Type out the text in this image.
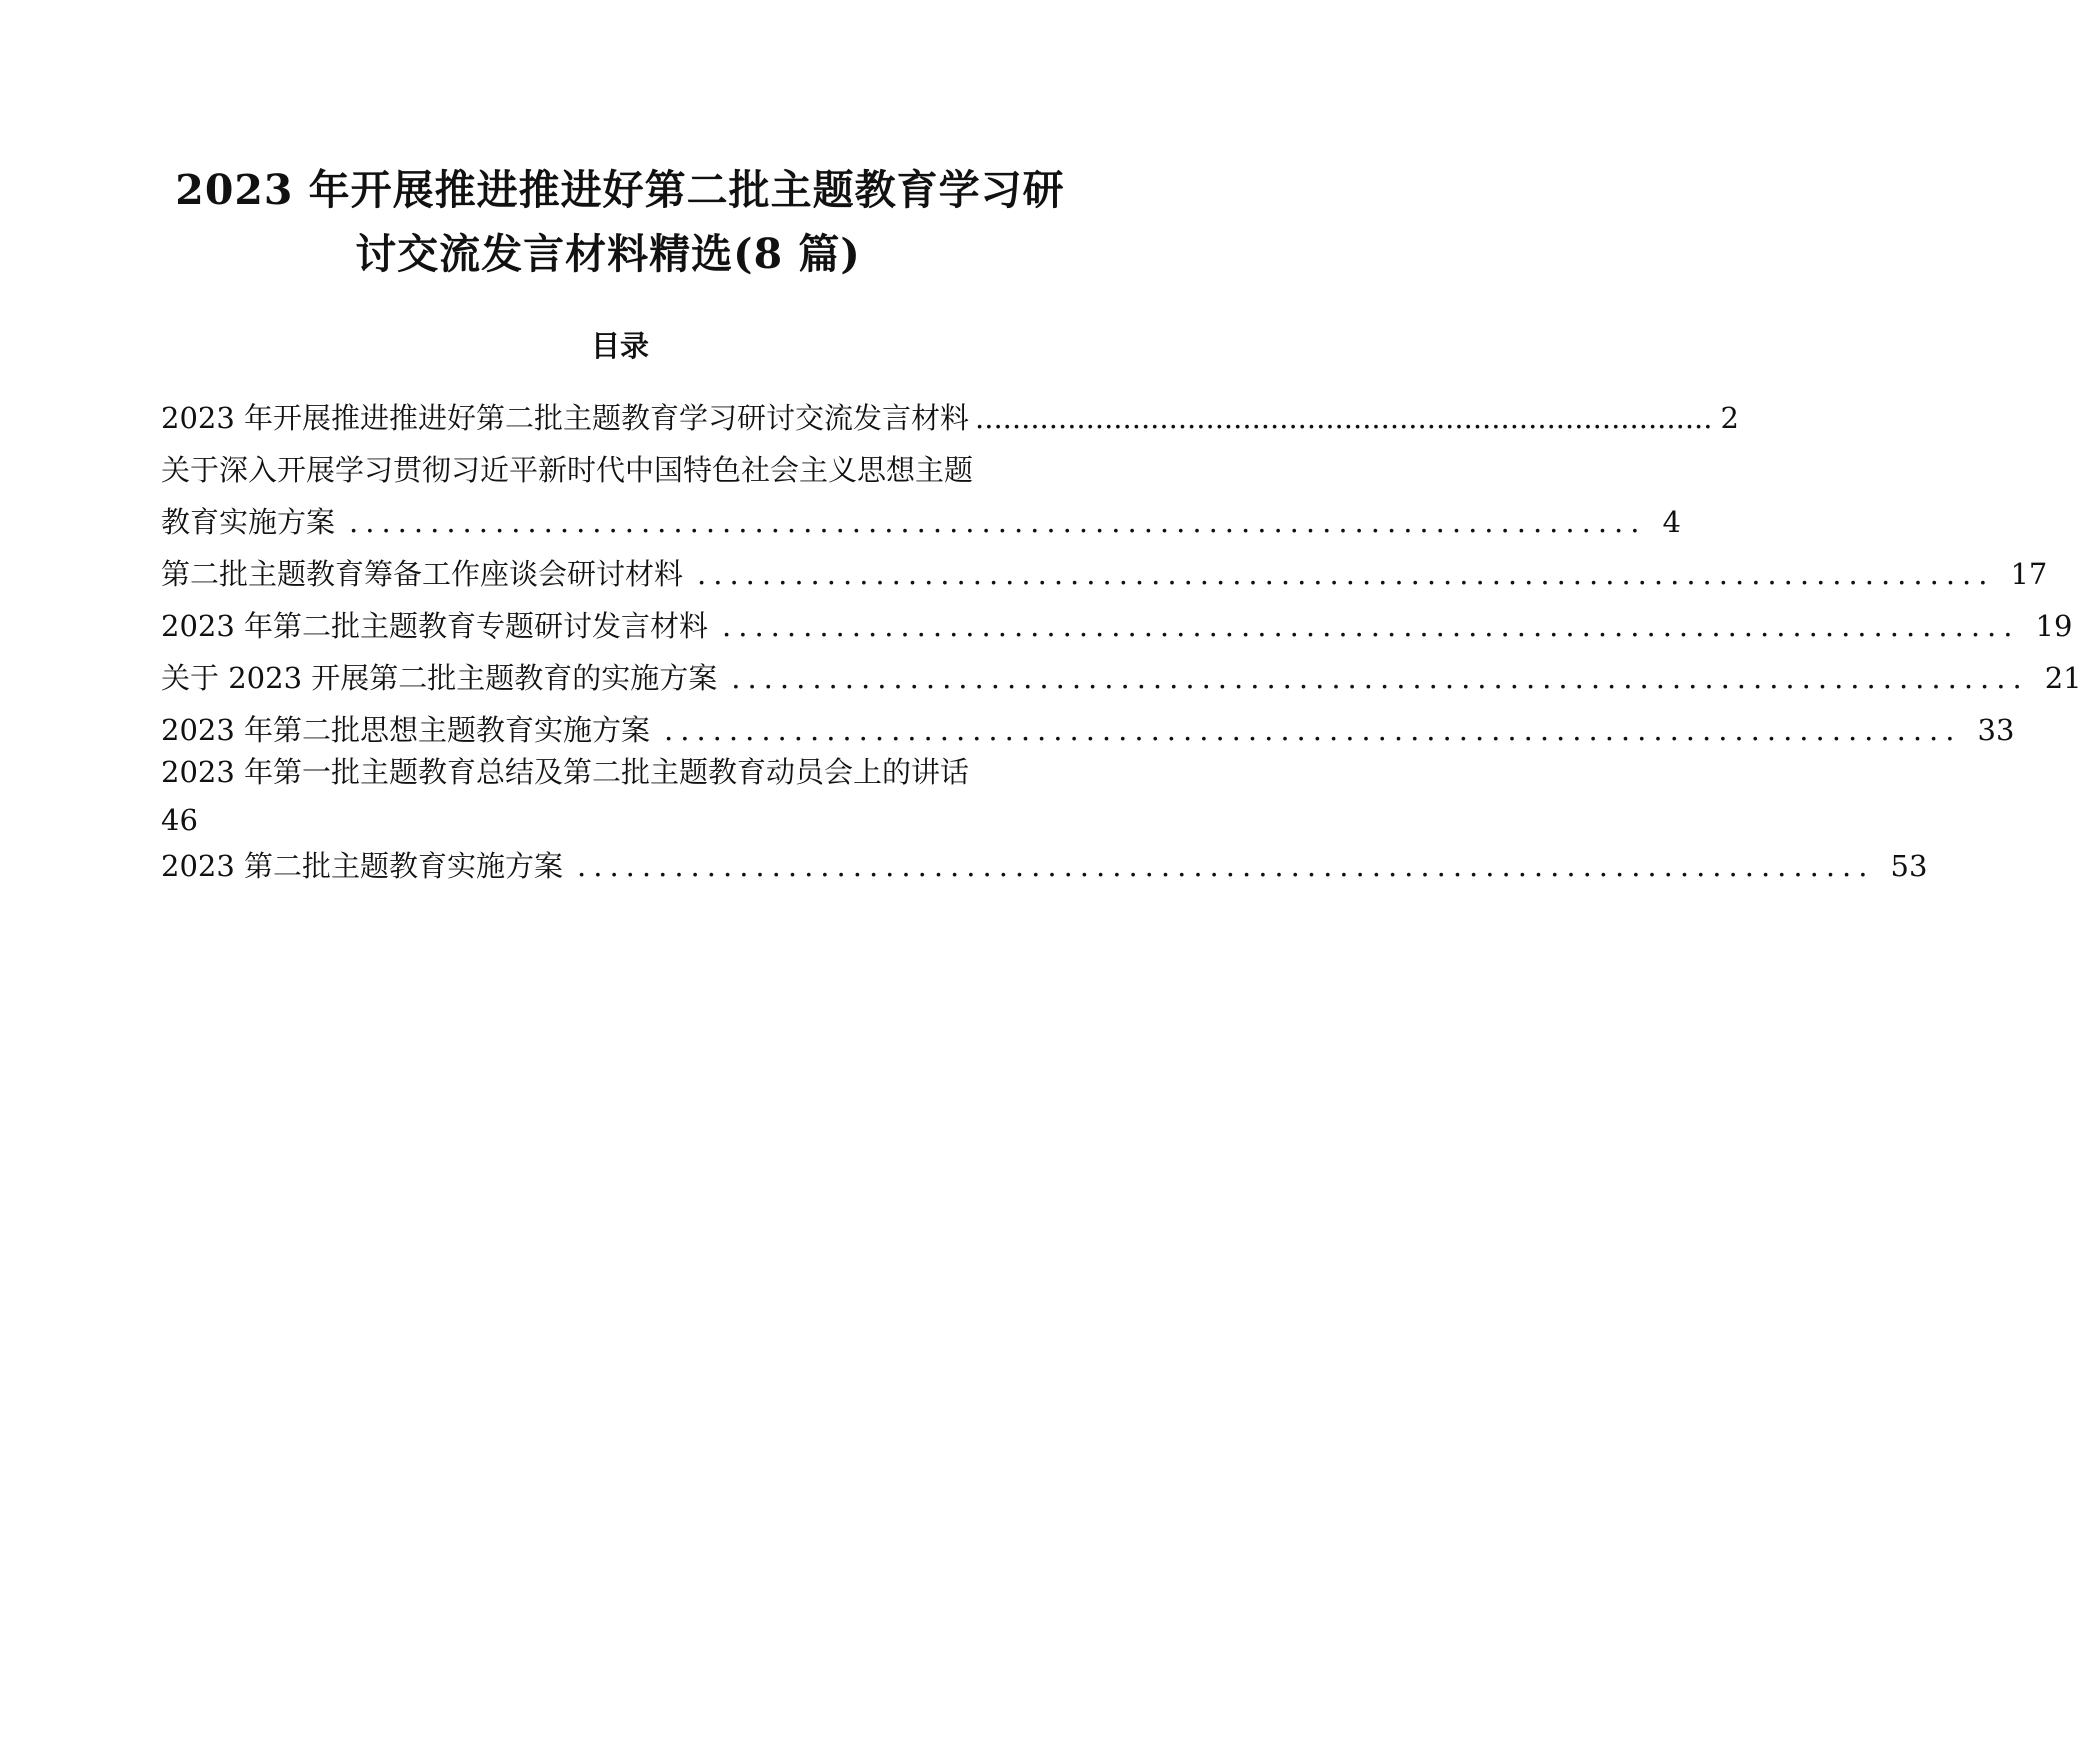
2023 年开展推进推进好第二批主题教育学习研
讨交流发言材料精选(8 篇)
目录
2023 年开展推进推进好第二批主题教育学习研讨交流发言材料 ................................................................................ 2
关于深入开展学习贯彻习近平新时代中国特色社会主义思想主题
教育实施方案 ................................................................................ 4
第二批主题教育筹备工作座谈会研讨材料 ................................................................................ 17
2023 年第二批主题教育专题研讨发言材料 ................................................................................ 19
关于 2023 开展第二批主题教育的实施方案 ................................................................................ 21
2023 年第二批思想主题教育实施方案 ................................................................................ 33
2023 年第一批主题教育总结及第二批主题教育动员会上的讲话
46
2023 第二批主题教育实施方案 ................................................................................ 53
